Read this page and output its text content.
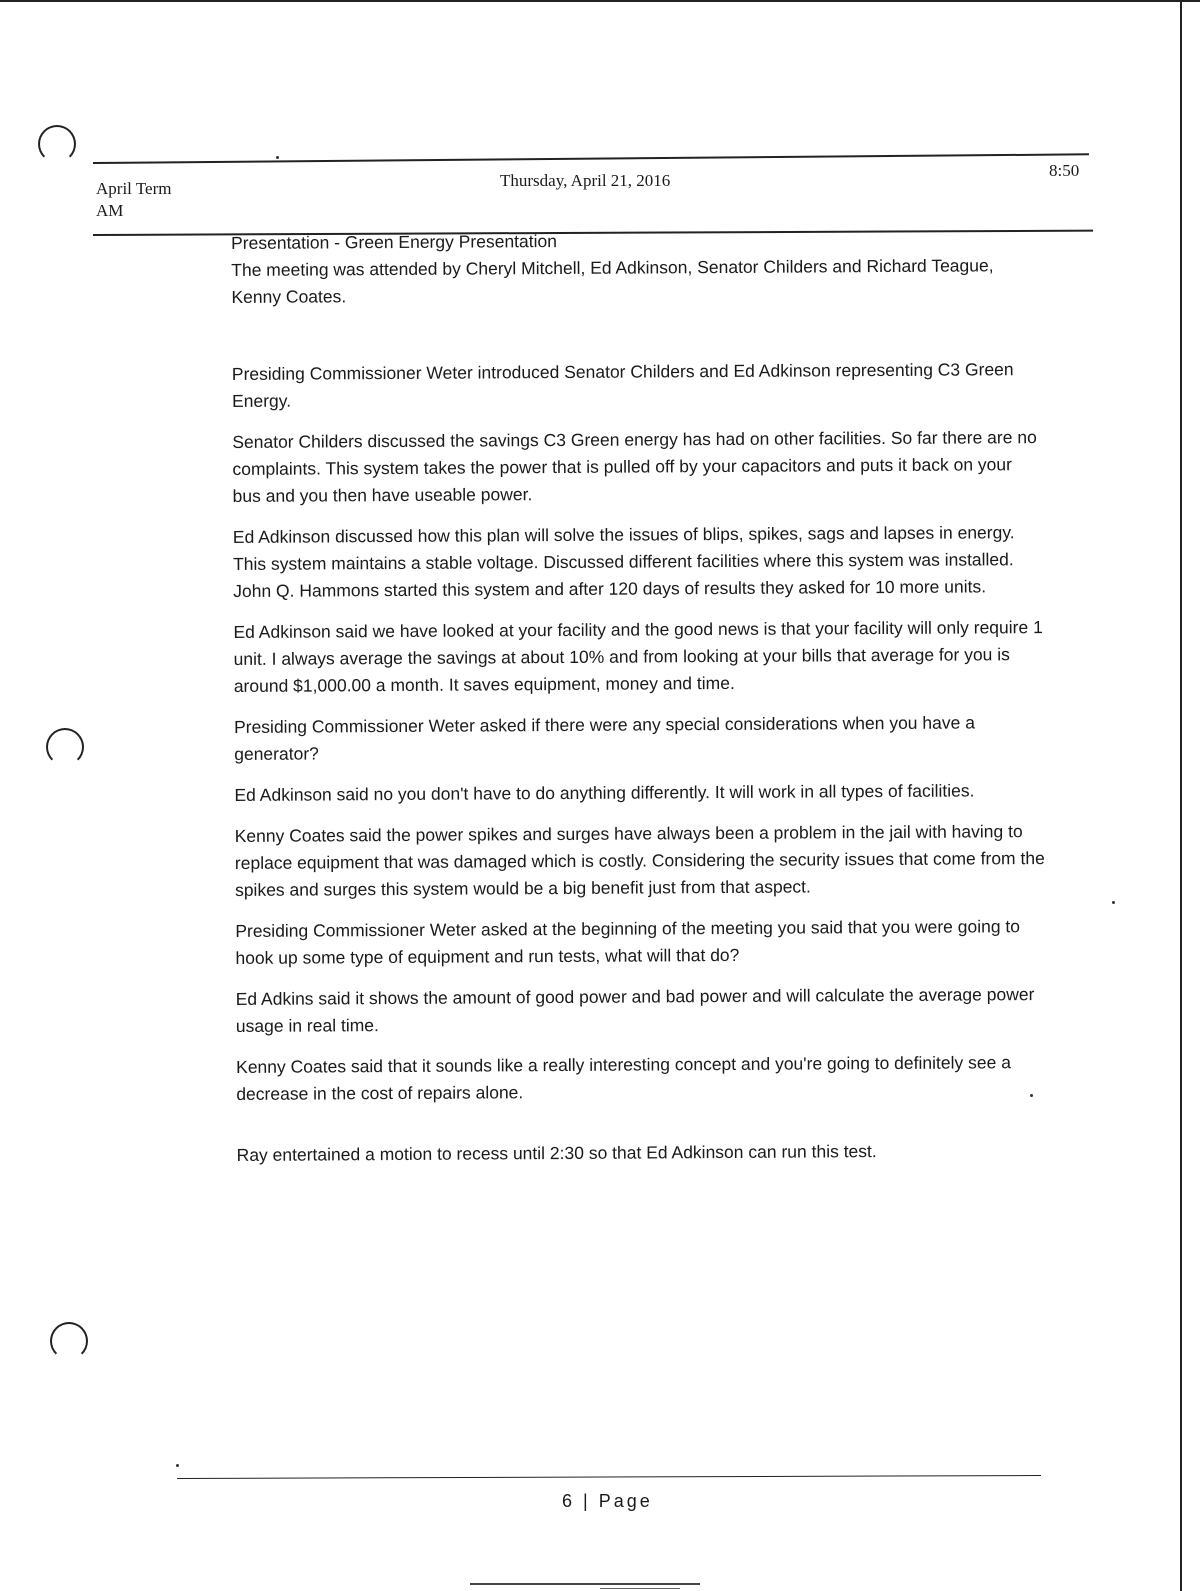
April Term
AM
Thursday, April 21, 2016
8:50

Presentation - Green Energy Presentation

The meeting was attended by Cheryl Mitchell, Ed Adkinson, Senator Childers and Richard Teague, Kenny Coates.

Presiding Commissioner Weter introduced Senator Childers and Ed Adkinson representing C3 Green Energy.

Senator Childers discussed the savings C3 Green energy has had on other facilities. So far there are no complaints. This system takes the power that is pulled off by your capacitors and puts it back on your bus and you then have useable power.

Ed Adkinson discussed how this plan will solve the issues of blips, spikes, sags and lapses in energy. This system maintains a stable voltage. Discussed different facilities where this system was installed. John Q. Hammons started this system and after 120 days of results they asked for 10 more units.

Ed Adkinson said we have looked at your facility and the good news is that your facility will only require 1 unit. I always average the savings at about 10% and from looking at your bills that average for you is around $1,000.00 a month. It saves equipment, money and time.

Presiding Commissioner Weter asked if there were any special considerations when you have a generator?

Ed Adkinson said no you don't have to do anything differently. It will work in all types of facilities.

Kenny Coates said the power spikes and surges have always been a problem in the jail with having to replace equipment that was damaged which is costly. Considering the security issues that come from the spikes and surges this system would be a big benefit just from that aspect.

Presiding Commissioner Weter asked at the beginning of the meeting you said that you were going to hook up some type of equipment and run tests, what will that do?

Ed Adkins said it shows the amount of good power and bad power and will calculate the average power usage in real time.

Kenny Coates said that it sounds like a really interesting concept and you're going to definitely see a decrease in the cost of repairs alone.

Ray entertained a motion to recess until 2:30 so that Ed Adkinson can run this test.

6 | Page
